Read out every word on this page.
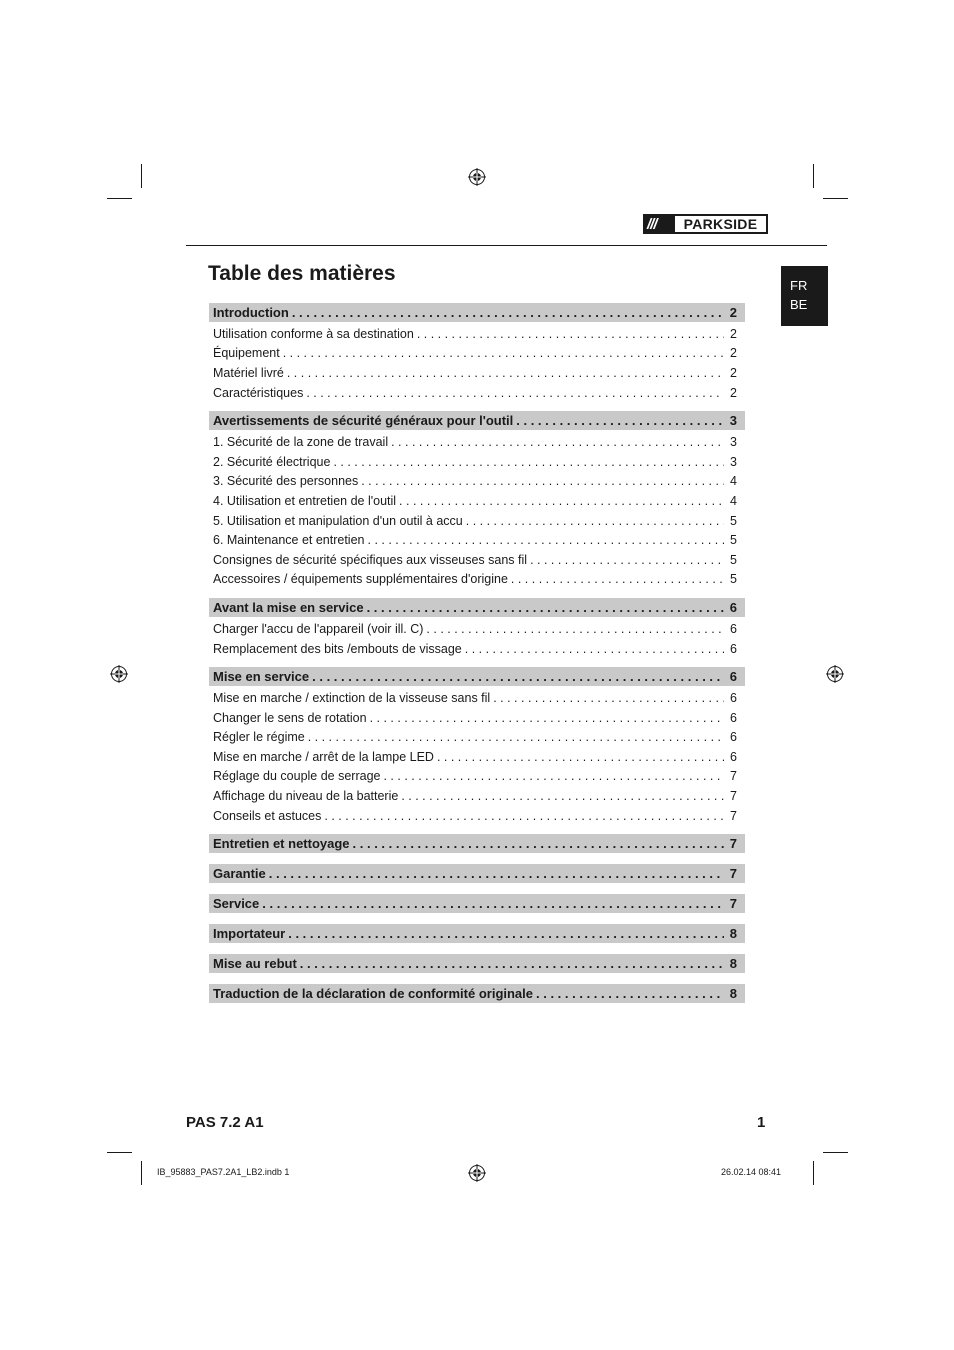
///	PARKSIDE
Table des matières
FR
BE
Introduction . . .	2
Utilisation conforme à sa destination . . .	2
Équipement . . .	2
Matériel livré . . .	2
Caractéristiques . . .	2
Avertissements de sécurité généraux pour l'outil . . .	3
1. Sécurité de la zone de travail . . .	3
2. Sécurité électrique . . .	3
3. Sécurité des personnes . . .	4
4. Utilisation et entretien de l'outil . . .	4
5. Utilisation et manipulation d'un outil à accu . . .	5
6. Maintenance et entretien . . .	5
Consignes de sécurité spécifiques aux visseuses sans fil . . .	5
Accessoires / équipements supplémentaires d'origine . . .	5
Avant la mise en service . . .	6
Charger l'accu de l'appareil (voir ill. C) . . .	6
Remplacement des bits /embouts de vissage . . .	6
Mise en service . . .	6
Mise en marche / extinction de la visseuse sans fil . . .	6
Changer le sens de rotation . . .	6
Régler le régime . . .	6
Mise en marche / arrêt de la lampe LED . . .	6
Réglage du couple de serrage . . .	7
Affichage du niveau de la batterie . . .	7
Conseils et astuces . . .	7
Entretien et nettoyage . . .	7
Garantie . . .	7
Service . . .	7
Importateur . . .	8
Mise au rebut . . .	8
Traduction de la déclaration de conformité originale . . .	8
PAS 7.2 A1	1
IB_95883_PAS7.2A1_LB2.indb 1	26.02.14 08:41
